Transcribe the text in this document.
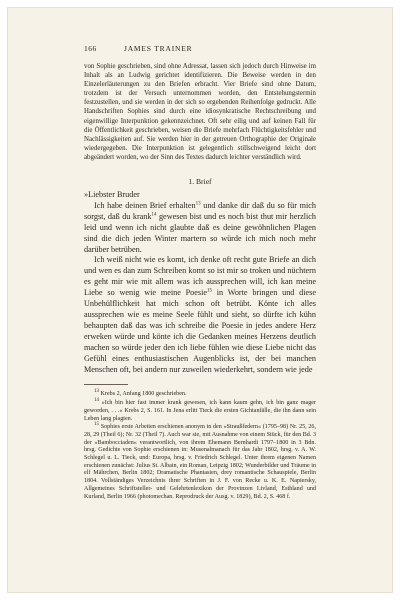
166	JAMES TRAINER

von Sophie geschrieben, sind ohne Adressat, lassen sich jedoch durch Hinweise im Inhalt als an Ludwig gerichtet identifizieren. Die Beweise werden in den Einzelerläuterungen zu den Briefen erbracht. Vier Briefe sind ohne Datum, trotzdem ist der Versuch unternommen worden, den Entstehungstermin festzustellen, und sie werden in der sich so ergebenden Reihenfolge gedruckt. Alle Handschriften Sophies sind durch eine idiosynkratische Rechtschreibung und eigenwillige Interpunktion gekennzeichnet. Oft sehr eilig und auf keinen Fall für die Öffentlichkeit geschrieben, weisen die Briefe mehrfach Flüchtigkeitsfehler und Nachlässigkeiten auf. Sie werden hier in der getreuen Orthographie der Originale wiedergegeben. Die Interpunktion ist gelegentlich stillschweigend leicht dort abgeändert worden, wo der Sinn des Textes dadurch leichter verständlich wird.

1. Brief

»Liebster Bruder

Ich habe deinen Brief erhalten$^{13}$ und danke dir daß du so für mich sorgst, daß du krank$^{14}$ gewesen bist und es noch bist thut mir herzlich leid und wenn ich nicht glaubte daß es deine gewöhnlichen Plagen sind die dich jeden Winter martern so würde ich mich noch mehr darüber betrüben.

Ich weiß nicht wie es komt, ich denke oft recht gute Briefe an dich und wen es dan zum Schreiben komt so ist mir so troken und nüchtern es geht mir wie mit allem was ich aussprechen will, ich kan meine Liebe so wenig wie meine Poesie$^{15}$ in Worte bringen und diese Unbehülflichkeit hat mich schon oft betrübt. Könte ich alles aussprechen wie es meine Seele fühlt und sieht, so dürfte ich kühn behaupten daß das was ich schreibe die Poesie in jedes andere Herz erweken würde und könte ich die Gedanken meines Herzens deutlich machen so würde jeder den ich liebe fühlen wie diese Liebe nicht das Gefühl eines enthusiastischen Augenblicks ist, der bei manchen Menschen oft, bei andern nur zuweilen wiederkehrt, sondern wie jede

$^{13}$ Krebs 2, Anfang 1800 geschrieben.

$^{14}$ »Ich bin hier fast immer krank gewesen, ich kann kaum gehn, ich bin ganz mager geworden, . . .« Krebs 2, S. 161. In Jena erlitt Tieck die ersten Gichtanfälle, die ihn dann sein Leben lang plagten.

$^{15}$ Sophies erste Arbeiten erschienen anonym in den »Straußfedern« (1795–98) Nr. 25, 26, 28, 29 (Theil 6); Nr. 32 (Theil 7). Auch war sie, mit Ausnahme von einem Stück, für den Bd. 3 der »Bambocciaden« verantwortlich, von ihrem Ehemann Bernhardi 1797–1800 in 3 Bdn. hrsg. Gedichte von Sophie erschienen in: Musenalmanach für das Jahr 1802, hrsg. v. A. W. Schlegel u. L. Tieck, und: Europa, hrsg. v. Friedrich Schlegel. Unter ihrem eigenen Namen erschienen zunächst: Julius St. Albain, ein Roman, Leipzig 1802; Wunderbilder und Träume in elf Mährchen, Berlin 1802; Dramatische Phantasien, drey romantische Schauspiele, Berlin 1804. Vollständiges Verzeichnis ihrer Schriften in J. F. von Recke u. K. E. Napiersky, Allgemeines Schriftsteller- und Gelehrtenlexikon der Provinzen Livland, Esthland und Kurland, Berlin 1966 (photomechan. Reprodruck der Ausg. v. 1829), Bd. 2, S. 468 f.
